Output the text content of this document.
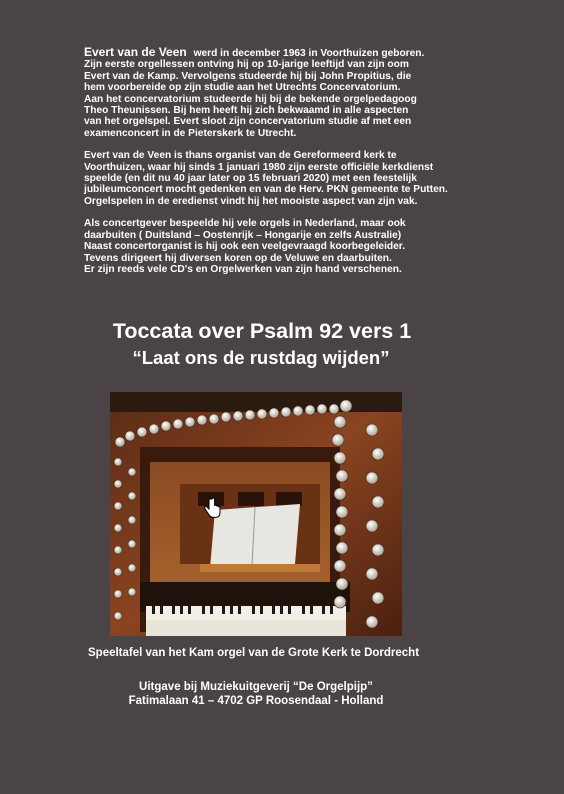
Evert van de Veen werd in december 1963 in Voorthuizen geboren.
Zijn eerste orgellessen ontving hij op 10-jarige leeftijd van zijn oom
Evert van de Kamp. Vervolgens studeerde hij bij John Propitius, die
hem voorbereide op zijn studie aan het Utrechts Concervatorium.
Aan het concervatorium studeerde hij bij de bekende orgelpedagoog
Theo Theunissen. Bij hem heeft hij zich bekwaamd in alle aspecten
van het orgelspel. Evert sloot zijn concervatorium studie af met een
examenconcert in de Pieterskerk te Utrecht.

Evert van de Veen is thans organist van de Gereformeerd kerk te
Voorthuizen, waar hij sinds 1 januari 1980 zijn eerste officiële kerkdienst
speelde (en dit nu 40 jaar later op 15 februari 2020) met een feestelijk
jubileumconcert mocht gedenken en van de Herv. PKN gemeente te Putten.
Orgelspelen in de eredienst vindt hij het mooiste aspect van zijn vak.

Als concertgever bespeelde hij vele orgels in Nederland, maar ook
daarbuiten ( Duitsland – Oostenrijk – Hongarije en zelfs Australie)
Naast concertorganist is hij ook een veelgevraagd koorbegeleider.
Tevens dirigeert hij diversen koren op de Veluwe en daarbuiten.
Er zijn reeds vele CD's en Orgelwerken van zijn hand verschenen.

Toccata over Psalm 92 vers 1
“Laat ons de rustdag wijden”
Speeltafel van het Kam orgel van de Grote Kerk te Dordrecht
Uitgave bij Muziekuitgeverij “De Orgelpijp”
Fatimalaan 41 – 4702 GP Roosendaal - Holland
